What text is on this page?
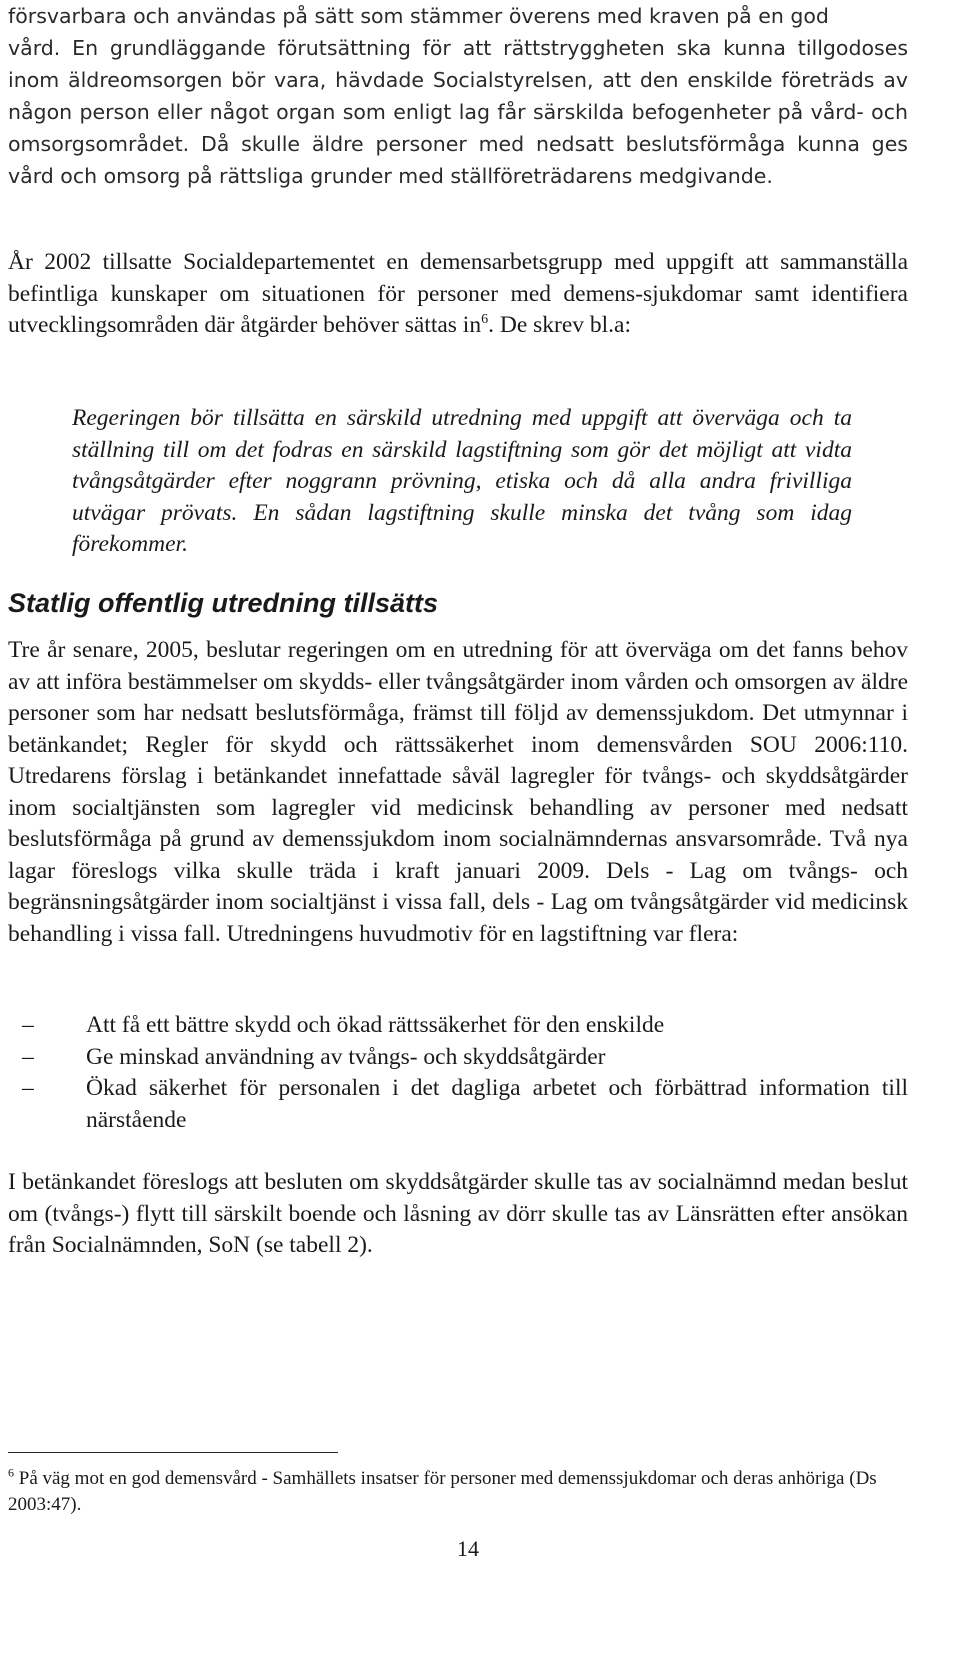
försvarbara och användas på sätt som stämmer överens med kraven på en god
vård. En grundläggande förutsättning för att rättstryggheten ska kunna tillgodoses inom äldreomsorgen bör vara, hävdade Socialstyrelsen, att den enskilde företräds av någon person eller något organ som enligt lag får särskilda befogenheter på vård- och omsorgsområdet. Då skulle äldre personer med nedsatt beslutsförmåga kunna ges vård och omsorg på rättsliga grunder med ställföreträdarens medgivande.

År 2002 tillsatte Socialdepartementet en demensarbetsgrupp med uppgift att sammanställa befintliga kunskaper om situationen för personer med demens-sjukdomar samt identifiera utvecklingsområden där åtgärder behöver sättas $in^6$. De skrev bl.a:

Regeringen bör tillsätta en särskild utredning med uppgift att överväga och ta ställning till om det fodras en särskild lagstiftning som gör det möjligt att vidta tvångsåtgärder efter noggrann prövning, etiska och då alla andra frivilliga utvägar prövats. En sådan lagstiftning skulle minska det tvång som idag förekommer.

Statlig offentlig utredning tillsätts

Tre år senare, 2005, beslutar regeringen om en utredning för att överväga om det fanns behov av att införa bestämmelser om skydds- eller tvångsåtgärder inom vården och omsorgen av äldre personer som har nedsatt beslutsförmåga, främst till följd av demenssjukdom. Det utmynnar i betänkandet; Regler för skydd och rättssäkerhet inom demensvården SOU 2006:110. Utredarens förslag i betänkandet innefattade såväl lagregler för tvångs- och skyddsåtgärder inom socialtjänsten som lagregler vid medicinsk behandling av personer med nedsatt beslutsförmåga på grund av demenssjukdom inom socialnämndernas ansvarsområde. Två nya lagar föreslogs vilka skulle träda i kraft januari 2009. Dels - Lag om tvångs- och begränsningsåtgärder inom socialtjänst i vissa fall, dels - Lag om tvångsåtgärder vid medicinsk behandling i vissa fall. Utredningens huvudmotiv för en lagstiftning var flera:

– Att få ett bättre skydd och ökad rättssäkerhet för den enskilde
– Ge minskad användning av tvångs- och skyddsåtgärder
– Ökad säkerhet för personalen i det dagliga arbetet och förbättrad information till närstående

I betänkandet föreslogs att besluten om skyddsåtgärder skulle tas av socialnämnd medan beslut om (tvångs-) flytt till särskilt boende och låsning av dörr skulle tas av Länsrätten efter ansökan från Socialnämnden, SoN (se tabell 2).

$^6$ På väg mot en god demensvård - Samhällets insatser för personer med demenssjukdomar och deras anhöriga (Ds 2003:47).
14
